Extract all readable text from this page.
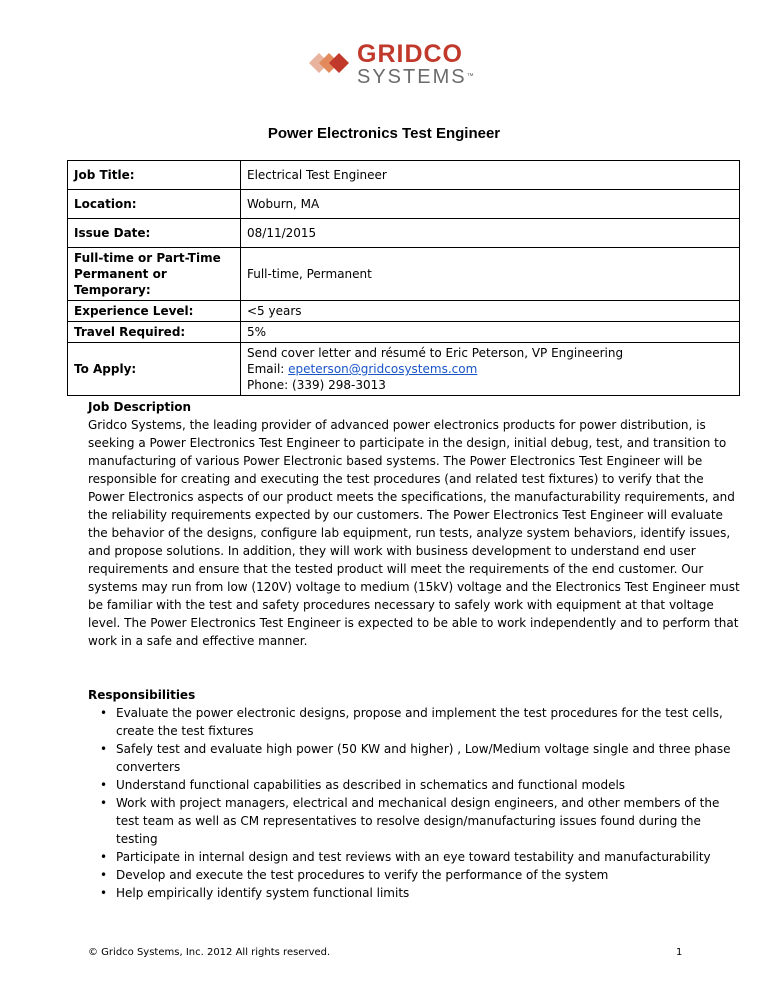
GRIDCO
SYSTEMS™
Power Electronics Test Engineer
Job Title:	Electrical Test Engineer
Location:	Woburn, MA
Issue Date:	08/11/2015

Full-time or Part-Time
Permanent or Temporary:	Full-time, Permanent
Experience Level:	<5 years
Travel Required:	5%
To Apply:	Send cover letter and résumé to Eric Peterson, VP Engineering
Email: epeterson@gridcosystems.com
Phone: (339) 298-3013
Job Description

Gridco Systems, the leading provider of advanced power electronics products for power distribution, is seeking a Power Electronics Test Engineer to participate in the design, initial debug, test, and transition to manufacturing of various Power Electronic based systems. The Power Electronics Test Engineer will be responsible for creating and executing the test procedures (and related test fixtures) to verify that the Power Electronics aspects of our product meets the specifications, the manufacturability requirements, and the reliability requirements expected by our customers. The Power Electronics Test Engineer will evaluate the behavior of the designs, configure lab equipment, run tests, analyze system behaviors, identify issues, and propose solutions. In addition, they will work with business development to understand end user requirements and ensure that the tested product will meet the requirements of the end customer. Our systems may run from low (120V) voltage to medium (15kV) voltage and the Electronics Test Engineer must be familiar with the test and safety procedures necessary to safely work with equipment at that voltage level. The Power Electronics Test Engineer is expected to be able to work independently and to perform that work in a safe and effective manner.

Responsibilities
• Evaluate the power electronic designs, propose and implement the test procedures for the test cells, create the test fixtures
• Safely test and evaluate high power (50 KW and higher) , Low/Medium voltage single and three phase converters
• Understand functional capabilities as described in schematics and functional models
• Work with project managers, electrical and mechanical design engineers, and other members of the test team as well as CM representatives to resolve design/manufacturing issues found during the testing
• Participate in internal design and test reviews with an eye toward testability and manufacturability
• Develop and execute the test procedures to verify the performance of the system
• Help empirically identify system functional limits
© Gridco Systems, Inc. 2012 All rights reserved.	1
